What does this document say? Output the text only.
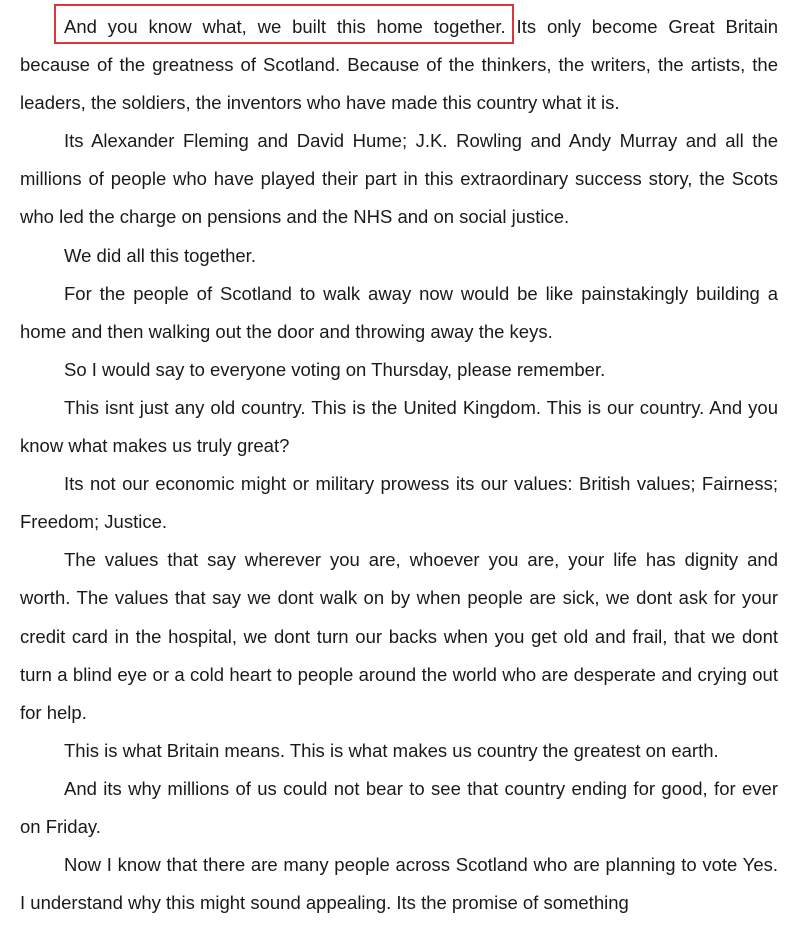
And you know what, we built this home together. Its only become Great Britain because of the greatness of Scotland. Because of the thinkers, the writers, the artists, the leaders, the soldiers, the inventors who have made this country what it is.

Its Alexander Fleming and David Hume; J.K. Rowling and Andy Murray and all the millions of people who have played their part in this extraordinary success story, the Scots who led the charge on pensions and the NHS and on social justice.

We did all this together.

For the people of Scotland to walk away now would be like painstakingly building a home and then walking out the door and throwing away the keys.

So I would say to everyone voting on Thursday, please remember.

This isnt just any old country. This is the United Kingdom. This is our country. And you know what makes us truly great?

Its not our economic might or military prowess its our values: British values; Fairness; Freedom; Justice.

The values that say wherever you are, whoever you are, your life has dignity and worth. The values that say we dont walk on by when people are sick, we dont ask for your credit card in the hospital, we dont turn our backs when you get old and frail, that we dont turn a blind eye or a cold heart to people around the world who are desperate and crying out for help.

This is what Britain means. This is what makes us country the greatest on earth.

And its why millions of us could not bear to see that country ending for good, for ever on Friday.

Now I know that there are many people across Scotland who are planning to vote Yes. I understand why this might sound appealing. Its the promise of something
